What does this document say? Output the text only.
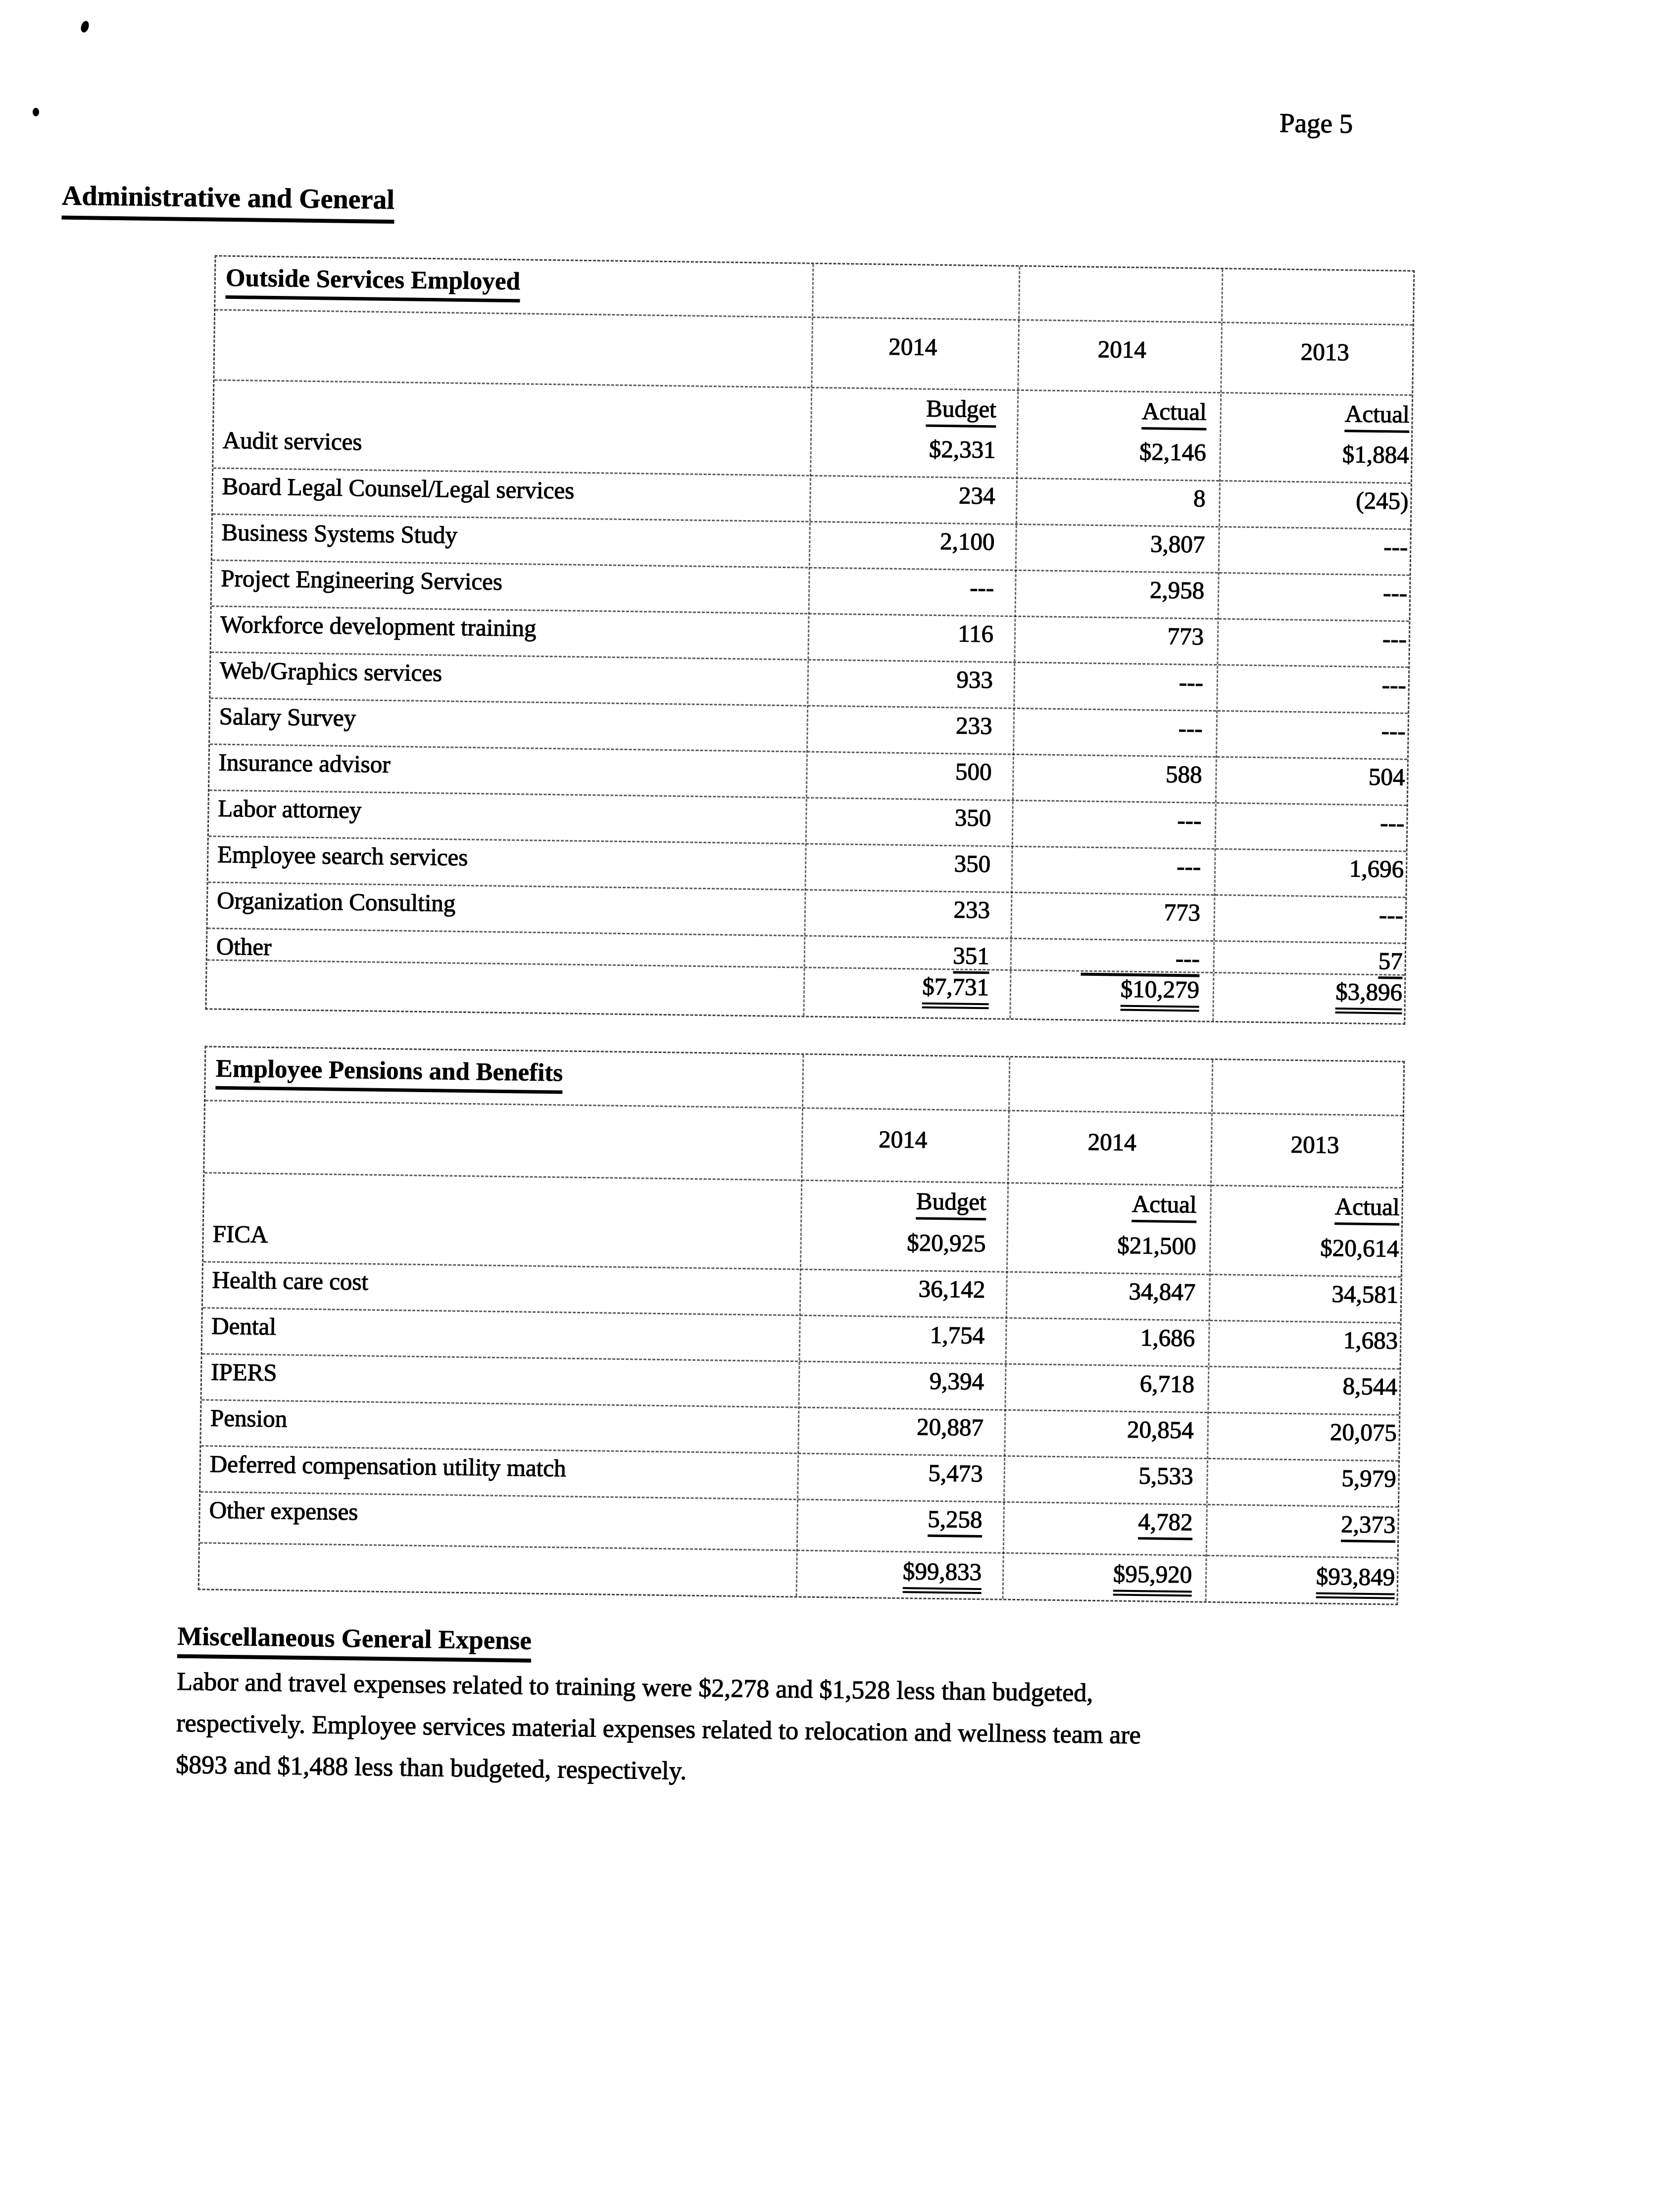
Page 5
Administrative and General
Outside Services Employed
2014	2014	2013
Budget	Actual	Actual
Audit services	$2,331	$2,146	$1,884
Board Legal Counsel/Legal services	234	8	(245)
Business Systems Study	2,100	3,807	---
Project Engineering Services	---	2,958	---
Workforce development training	116	773	---
Web/Graphics services	933	---	---
Salary Survey	233	---	---
Insurance advisor	500	588	504
Labor attorney	350	---	---
Employee search services	350	---	1,696
Organization Consulting	233	773	---
Other	351	---	57
$7,731	$10,279	$3,896
Employee Pensions and Benefits
2014	2014	2013
Budget	Actual	Actual
FICA	$20,925	$21,500	$20,614
Health care cost	36,142	34,847	34,581
Dental	1,754	1,686	1,683
IPERS	9,394	6,718	8,544
Pension	20,887	20,854	20,075
Deferred compensation utility match	5,473	5,533	5,979
Other expenses	5,258	4,782	2,373
$99,833	$95,920	$93,849
Miscellaneous General Expense
Labor and travel expenses related to training were $2,278 and $1,528 less than budgeted,
respectively. Employee services material expenses related to relocation and wellness team are
$893 and $1,488 less than budgeted, respectively.
